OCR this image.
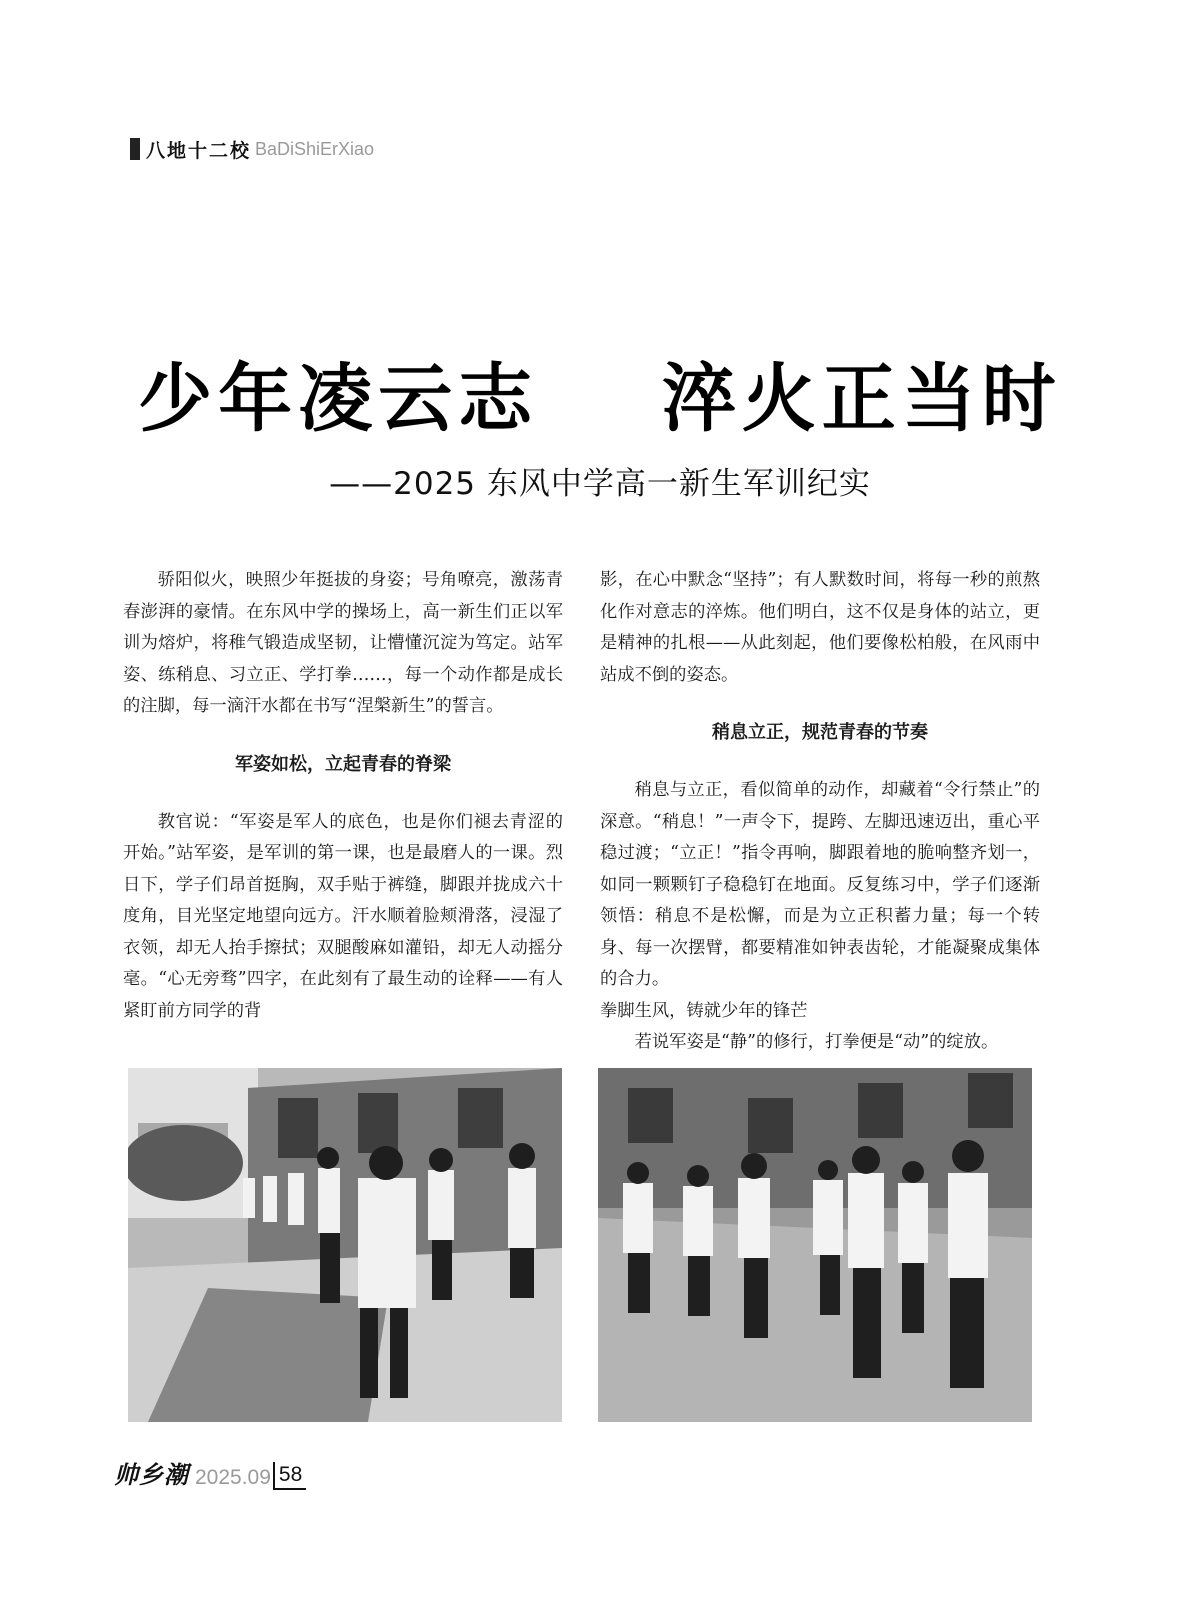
八地十二校 BaDiShiErXiao
少年凌云志  淬火正当时
——2025 东风中学高一新生军训纪实

骄阳似火，映照少年挺拔的身姿；号角嘹亮，激荡青春澎湃的豪情。在东风中学的操场上，高一新生们正以军训为熔炉，将稚气锻造成坚韧，让懵懂沉淀为笃定。站军姿、练稍息、习立正、学打拳……，每一个动作都是成长的注脚，每一滴汗水都在书写“涅槃新生”的誓言。

军姿如松，立起青春的脊梁

教官说：“军姿是军人的底色，也是你们褪去青涩的开始。”站军姿，是军训的第一课，也是最磨人的一课。烈日下，学子们昂首挺胸，双手贴于裤缝，脚跟并拢成六十度角，目光坚定地望向远方。汗水顺着脸颊滑落，浸湿了衣领，却无人抬手擦拭；双腿酸麻如灌铅，却无人动摇分毫。“心无旁骛”四字，在此刻有了最生动的诠释——有人紧盯前方同学的背

影，在心中默念“坚持”；有人默数时间，将每一秒的煎熬化作对意志的淬炼。他们明白，这不仅是身体的站立，更是精神的扎根——从此刻起，他们要像松柏般，在风雨中站成不倒的姿态。

稍息立正，规范青春的节奏

稍息与立正，看似简单的动作，却藏着“令行禁止”的深意。“稍息！”一声令下，提跨、左脚迅速迈出，重心平稳过渡；“立正！”指令再响，脚跟着地的脆响整齐划一，如同一颗颗钉子稳稳钉在地面。反复练习中，学子们逐渐领悟：稍息不是松懈，而是为立正积蓄力量；每一个转身、每一次摆臂，都要精准如钟表齿轮，才能凝聚成集体的合力。

拳脚生风，铸就少年的锋芒

若说军姿是“静”的修行，打拳便是“动”的绽放。

帅乡潮 2025.09 58
